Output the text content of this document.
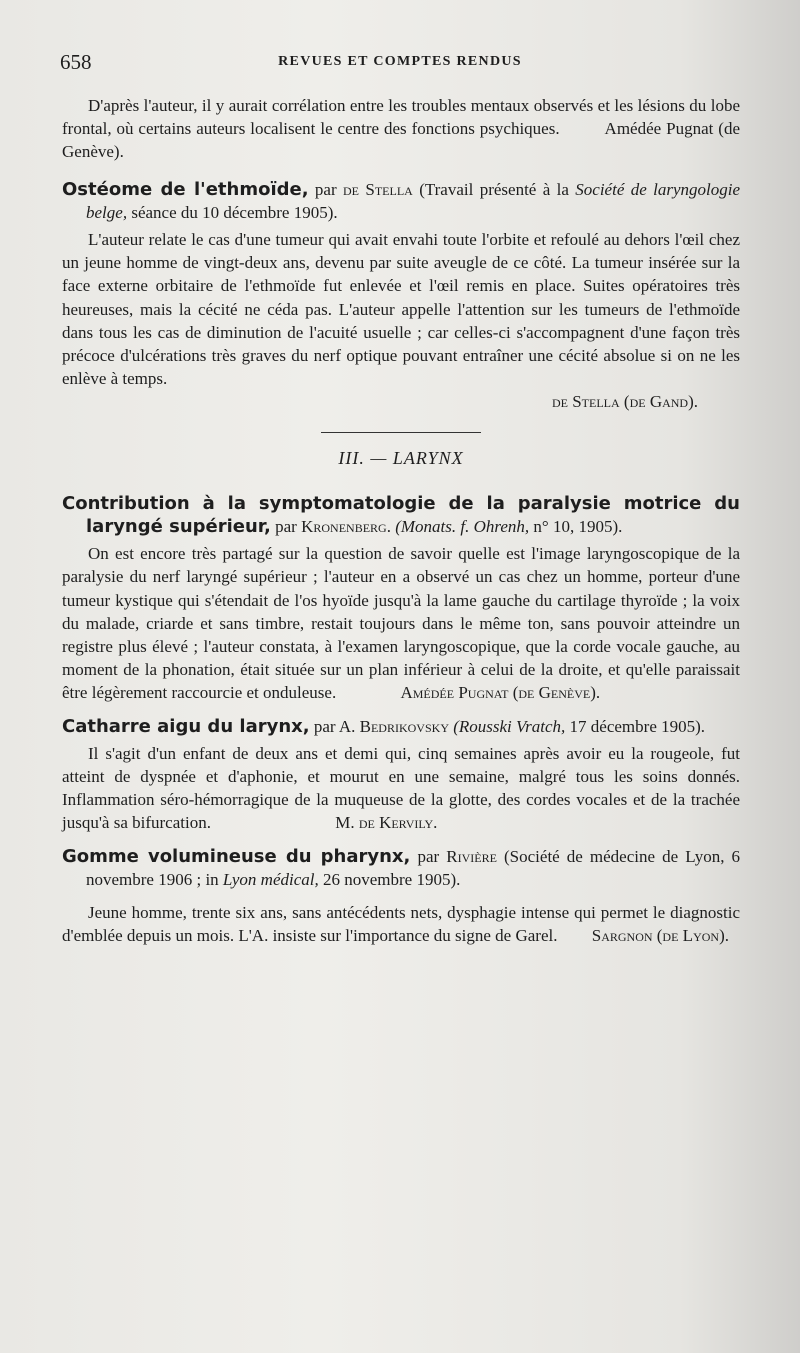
658	REVUES ET COMPTES RENDUS

D'après l'auteur, il y aurait corrélation entre les troubles mentaux observés et les lésions du lobe frontal, où certains auteurs localisent le centre des fonctions psychiques.	Amédée Pugnat (de Genève).

Ostéome de l'ethmoïde, par de Stella (Travail présenté à la Société de laryngologie belge, séance du 10 décembre 1905).

L'auteur relate le cas d'une tumeur qui avait envahi toute l'orbite et refoulé au dehors l'œil chez un jeune homme de vingt-deux ans, devenu par suite aveugle de ce côté. La tumeur insérée sur la face externe orbitaire de l'ethmoïde fut enlevée et l'œil remis en place. Suites opératoires très heureuses, mais la cécité ne céda pas. L'auteur appelle l'attention sur les tumeurs de l'ethmoïde dans tous les cas de diminution de l'acuité usuelle ; car celles-ci s'accompagnent d'une façon très précoce d'ulcérations très graves du nerf optique pouvant entraîner une cécité absolue si on ne les enlève à temps.

de Stella (de Gand).

III. — LARYNX

Contribution à la symptomatologie de la paralysie motrice du laryngé supérieur, par Kronenberg. (Monats. f. Ohrenh, n° 10, 1905).

On est encore très partagé sur la question de savoir quelle est l'image laryngoscopique de la paralysie du nerf laryngé supérieur ; l'auteur en a observé un cas chez un homme, porteur d'une tumeur kystique qui s'étendait de l'os hyoïde jusqu'à la lame gauche du cartilage thyroïde ; la voix du malade, criarde et sans timbre, restait toujours dans le même ton, sans pouvoir atteindre un registre plus élevé ; l'auteur constata, à l'examen laryngoscopique, que la corde vocale gauche, au moment de la phonation, était située sur un plan inférieur à celui de la droite, et qu'elle paraissait être légèrement raccourcie et onduleuse.	Amédée Pugnat (de Genève).

Catharre aigu du larynx, par A. Bedrikovsky (Rousski Vratch, 17 décembre 1905).

Il s'agit d'un enfant de deux ans et demi qui, cinq semaines après avoir eu la rougeole, fut atteint de dyspnée et d'aphonie, et mourut en une semaine, malgré tous les soins donnés. Inflammation séro-hémorragique de la muqueuse de la glotte, des cordes vocales et de la trachée jusqu'à sa bifurcation.	M. de Kervily.

Gomme volumineuse du pharynx, par Rivière (Société de médecine de Lyon, 6 novembre 1906 ; in Lyon médical, 26 novembre 1905).

Jeune homme, trente six ans, sans antécédents nets, dysphagie intense qui permet le diagnostic d'emblée depuis un mois. L'A. insiste sur l'importance du signe de Garel. Sargnon (de Lyon).
